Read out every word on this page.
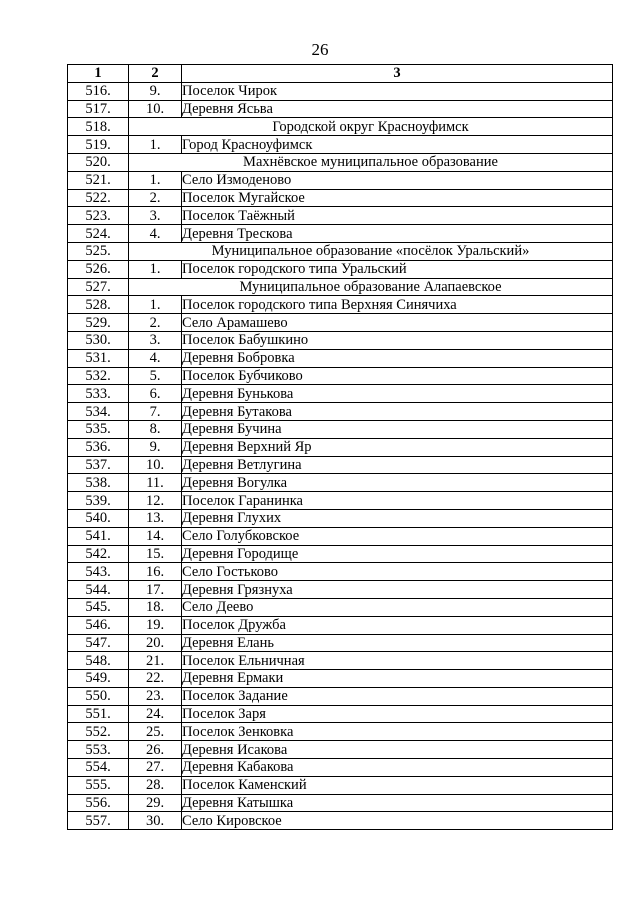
26
1	2	3
516.	9.	Поселок Чирок
517.	10.	Деревня Ясьва
518.	Городской округ Красноуфимск	
519.	1.	Город Красноуфимск
520.	Махнёвское муниципальное образование	
521.	1.	Село Измоденово
522.	2.	Поселок Мугайское
523.	3.	Поселок Таёжный
524.	4.	Деревня Трескова
525.	Муниципальное образование «посёлок Уральский»	
526.	1.	Поселок городского типа Уральский
527.	Муниципальное образование Алапаевское	
528.	1.	Поселок городского типа Верхняя Синячиха
529.	2.	Село Арамашево
530.	3.	Поселок Бабушкино
531.	4.	Деревня Бобровка
532.	5.	Поселок Бубчиково
533.	6.	Деревня Бунькова
534.	7.	Деревня Бутакова
535.	8.	Деревня Бучина
536.	9.	Деревня Верхний Яр
537.	10.	Деревня Ветлугина
538.	11.	Деревня Вогулка
539.	12.	Поселок Гаранинка
540.	13.	Деревня Глухих
541.	14.	Село Голубковское
542.	15.	Деревня Городище
543.	16.	Село Гостьково
544.	17.	Деревня Грязнуха
545.	18.	Село Деево
546.	19.	Поселок Дружба
547.	20.	Деревня Елань
548.	21.	Поселок Ельничная
549.	22.	Деревня Ермаки
550.	23.	Поселок Задание
551.	24.	Поселок Заря
552.	25.	Поселок Зенковка
553.	26.	Деревня Исакова
554.	27.	Деревня Кабакова
555.	28.	Поселок Каменский
556.	29.	Деревня Катышка
557.	30.	Село Кировское
